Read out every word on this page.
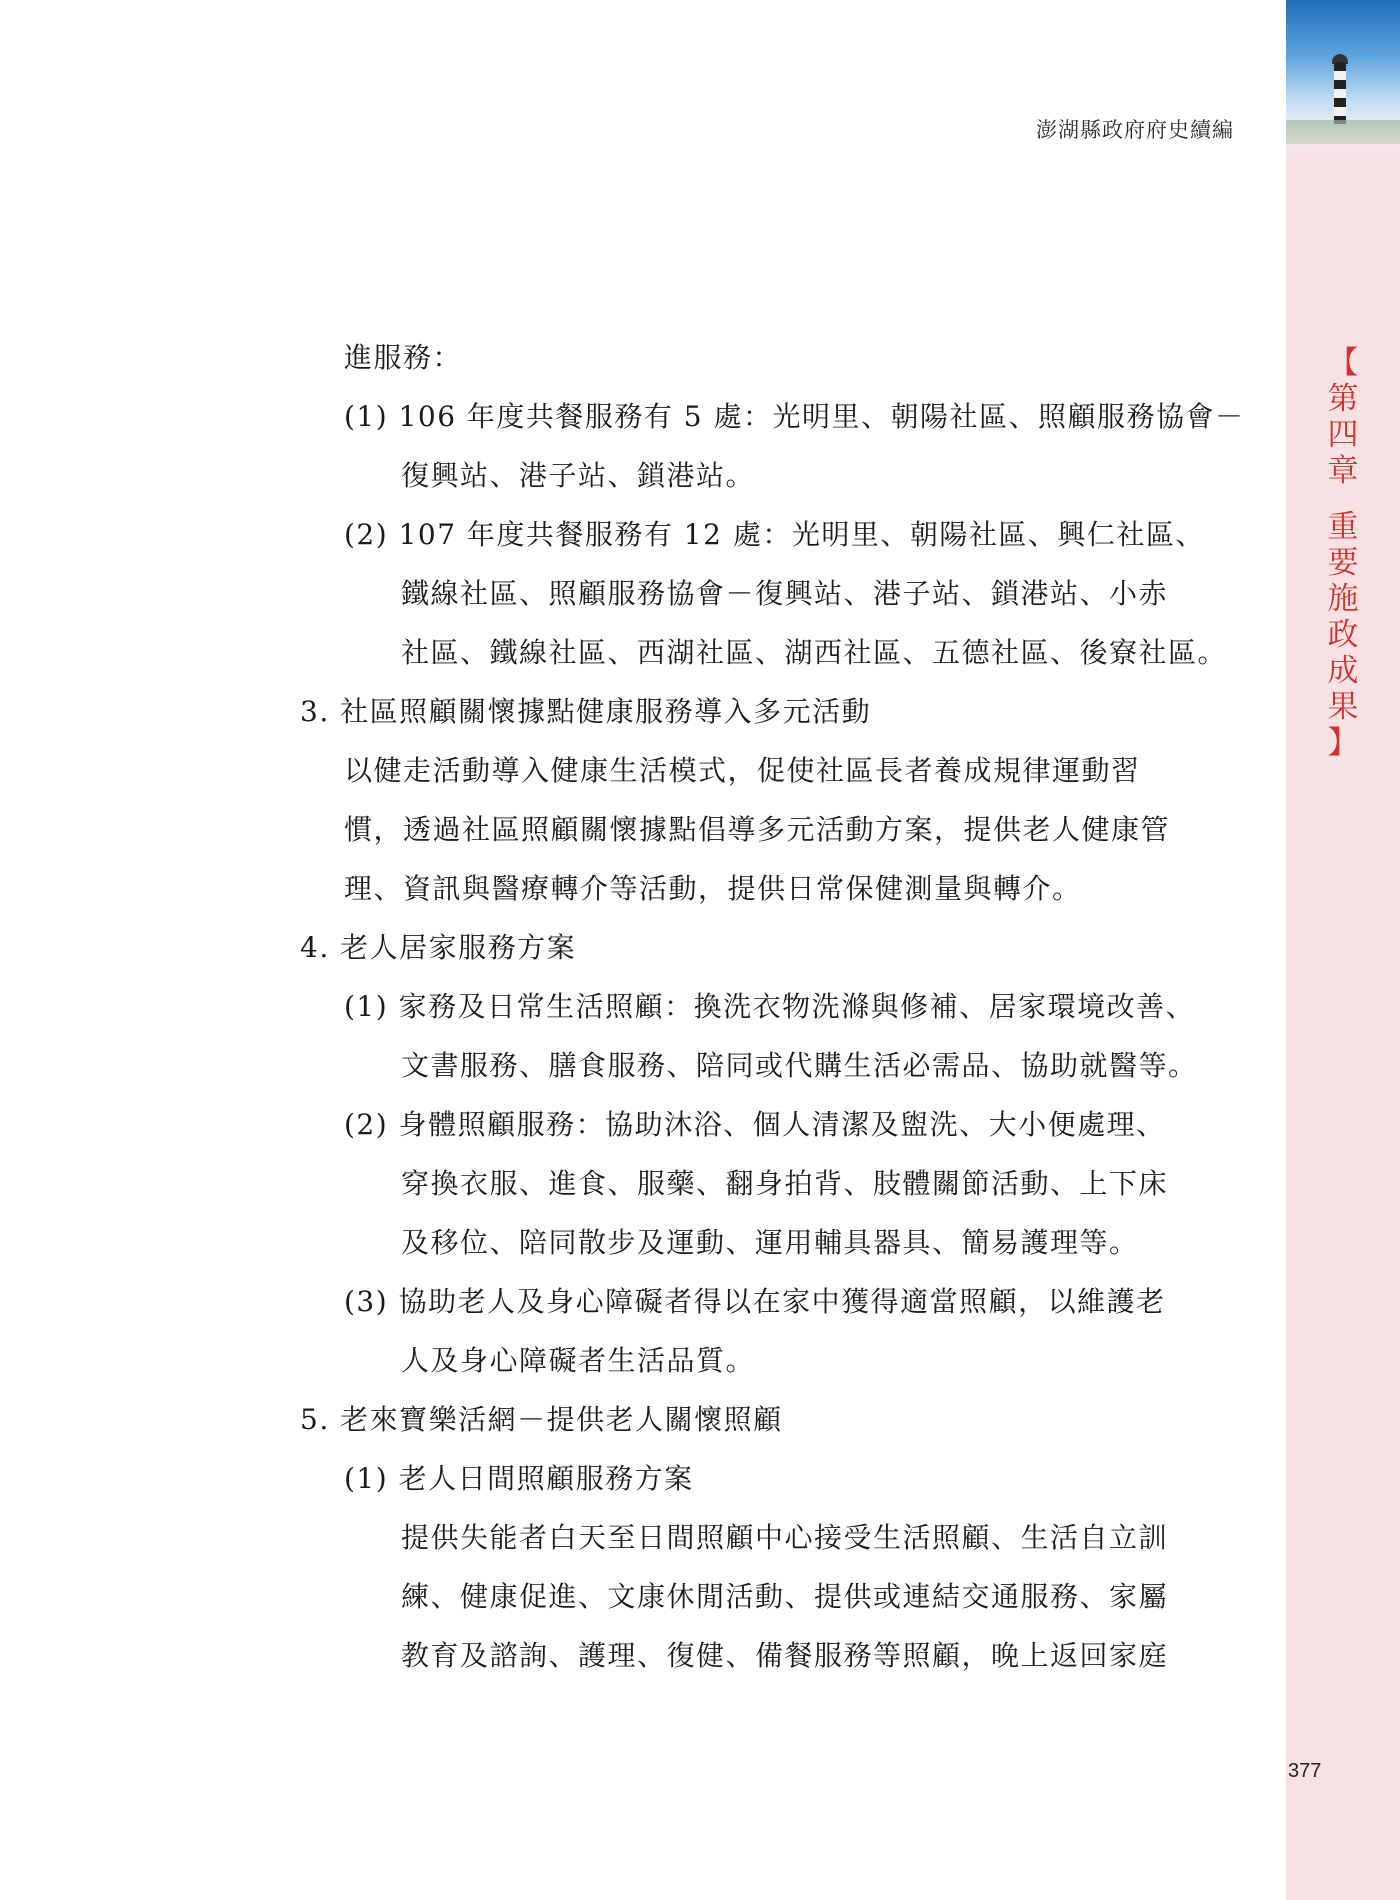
【
第
四
章
重
要
施
政
成
果
】
澎湖縣政府府史續編
進服務：
(1) 106 年度共餐服務有 5 處：光明里、朝陽社區、照顧服務協會－
復興站、港子站、鎖港站。
(2) 107 年度共餐服務有 12 處：光明里、朝陽社區、興仁社區、
鐵線社區、照顧服務協會－復興站、港子站、鎖港站、小赤
社區、鐵線社區、西湖社區、湖西社區、五德社區、後寮社區。
3. 社區照顧關懷據點健康服務導入多元活動
以健走活動導入健康生活模式，促使社區長者養成規律運動習
慣，透過社區照顧關懷據點倡導多元活動方案，提供老人健康管
理、資訊與醫療轉介等活動，提供日常保健測量與轉介。
4. 老人居家服務方案
(1) 家務及日常生活照顧：換洗衣物洗滌與修補、居家環境改善、
文書服務、膳食服務、陪同或代購生活必需品、協助就醫等。
(2) 身體照顧服務：協助沐浴、個人清潔及盥洗、大小便處理、
穿換衣服、進食、服藥、翻身拍背、肢體關節活動、上下床
及移位、陪同散步及運動、運用輔具器具、簡易護理等。
(3) 協助老人及身心障礙者得以在家中獲得適當照顧，以維護老
人及身心障礙者生活品質。
5. 老來寶樂活網－提供老人關懷照顧
(1) 老人日間照顧服務方案
提供失能者白天至日間照顧中心接受生活照顧、生活自立訓
練、健康促進、文康休閒活動、提供或連結交通服務、家屬
教育及諮詢、護理、復健、備餐服務等照顧，晚上返回家庭
377
